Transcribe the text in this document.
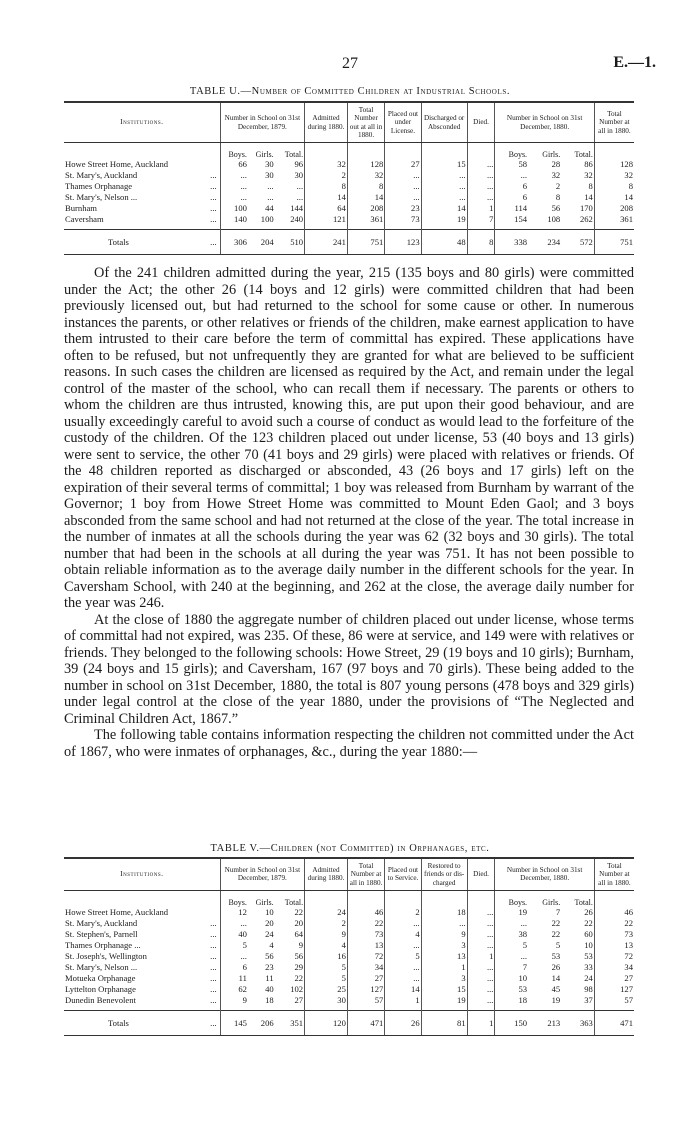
27	E.—1.
TABLE U.—Number of Committed Children at Industrial Schools.
Institutions.	Number in School on 31st December, 1879.			Admitted during 1880.	Total Number out at all in 1880.	Placed out under License.	Discharged or Absconded	Died.	Number in School on 31st December, 1880.			Total Number at all in 1880.
	Boys.	Girls.	Total.						Boys.	Girls.	Total.	
Howe Street Home, Auckland	66	30	96	32	128	27	15	...	58	28	86	128
St. Mary's, Auckland ...	...	30	30	2	32	...	...	...	...	32	32	32
Thames Orphanage ...	...	...	...	8	8	...	...	...	6	2	8	8
St. Mary's, Nelson ... ...	...	...	...	14	14	...	...	...	6	8	14	14
Burnham ...	100	44	144	64	208	23	14	1	114	56	170	208
Caversham ...	140	100	240	121	361	73	19	7	154	108	262	361

Totals ...	306	204	510	241	751	123	48	8	338	234	572	751

Of the 241 children admitted during the year, 215 (135 boys and 80 girls) were committed under the Act; the other 26 (14 boys and 12 girls) were committed children that had been previously licensed out, but had returned to the school for some cause or other. In numerous instances the parents, or other relatives or friends of the children, make earnest application to have them intrusted to their care before the term of committal has expired. These applications have often to be refused, but not unfrequently they are granted for what are believed to be sufficient reasons. In such cases the children are licensed as required by the Act, and remain under the legal control of the master of the school, who can recall them if necessary. The parents or others to whom the children are thus intrusted, knowing this, are put upon their good behaviour, and are usually exceedingly careful to avoid such a course of conduct as would lead to the forfeiture of the custody of the children. Of the 123 children placed out under license, 53 (40 boys and 13 girls) were sent to service, the other 70 (41 boys and 29 girls) were placed with relatives or friends. Of the 48 children reported as discharged or absconded, 43 (26 boys and 17 girls) left on the expiration of their several terms of committal; 1 boy was released from Burnham by warrant of the Governor; 1 boy from Howe Street Home was committed to Mount Eden Gaol; and 3 boys absconded from the same school and had not returned at the close of the year. The total increase in the number of inmates at all the schools during the year was 62 (32 boys and 30 girls). The total number that had been in the schools at all during the year was 751. It has not been possible to obtain reliable information as to the average daily number in the different schools for the year. In Caversham School, with 240 at the beginning, and 262 at the close, the average daily number for the year was 246.

At the close of 1880 the aggregate number of children placed out under license, whose terms of committal had not expired, was 235. Of these, 86 were at service, and 149 were with relatives or friends. They belonged to the following schools: Howe Street, 29 (19 boys and 10 girls); Burnham, 39 (24 boys and 15 girls); and Caversham, 167 (97 boys and 70 girls). These being added to the number in school on 31st December, 1880, the total is 807 young persons (478 boys and 329 girls) under legal control at the close of the year 1880, under the provisions of “The Neglected and Criminal Children Act, 1867.”

The following table contains information respecting the children not committed under the Act of 1867, who were inmates of orphanages, &c., during the year 1880:—

TABLE V.—Children (not Committed) in Orphanages, etc.
Institutions.	Number in School on 31st December, 1879.			Admitted during 1880.	Total Number at all in 1880.	Placed out to Service.	Restored to friends or dis-charged	Died.	Number in School on 31st December, 1880.			Total Number at all in 1880.
	Boys.	Girls.	Total.						Boys.	Girls.	Total.	
Howe Street Home, Auckland	12	10	22	24	46	2	18	...	19	7	26	46
St. Mary's, Auckland ...	...	20	20	2	22	...	...	...	...	22	22	22
St. Stephen's, Parnell ...	40	24	64	9	73	4	9	...	38	22	60	73
Thames Orphanage ... ...	5	4	9	4	13	...	3	...	5	5	10	13
St. Joseph's, Wellington ...	...	56	56	16	72	5	13	1	...	53	53	72
St. Mary's, Nelson ... ...	6	23	29	5	34	...	1	...	7	26	33	34
Motueka Orphanage ...	11	11	22	5	27	...	3	...	10	14	24	27
Lyttelton Orphanage ...	62	40	102	25	127	14	15	...	53	45	98	127
Dunedin Benevolent ...	9	18	27	30	57	1	19	...	18	19	37	57

Totals ...	145	206	351	120	471	26	81	1	150	213	363	471
